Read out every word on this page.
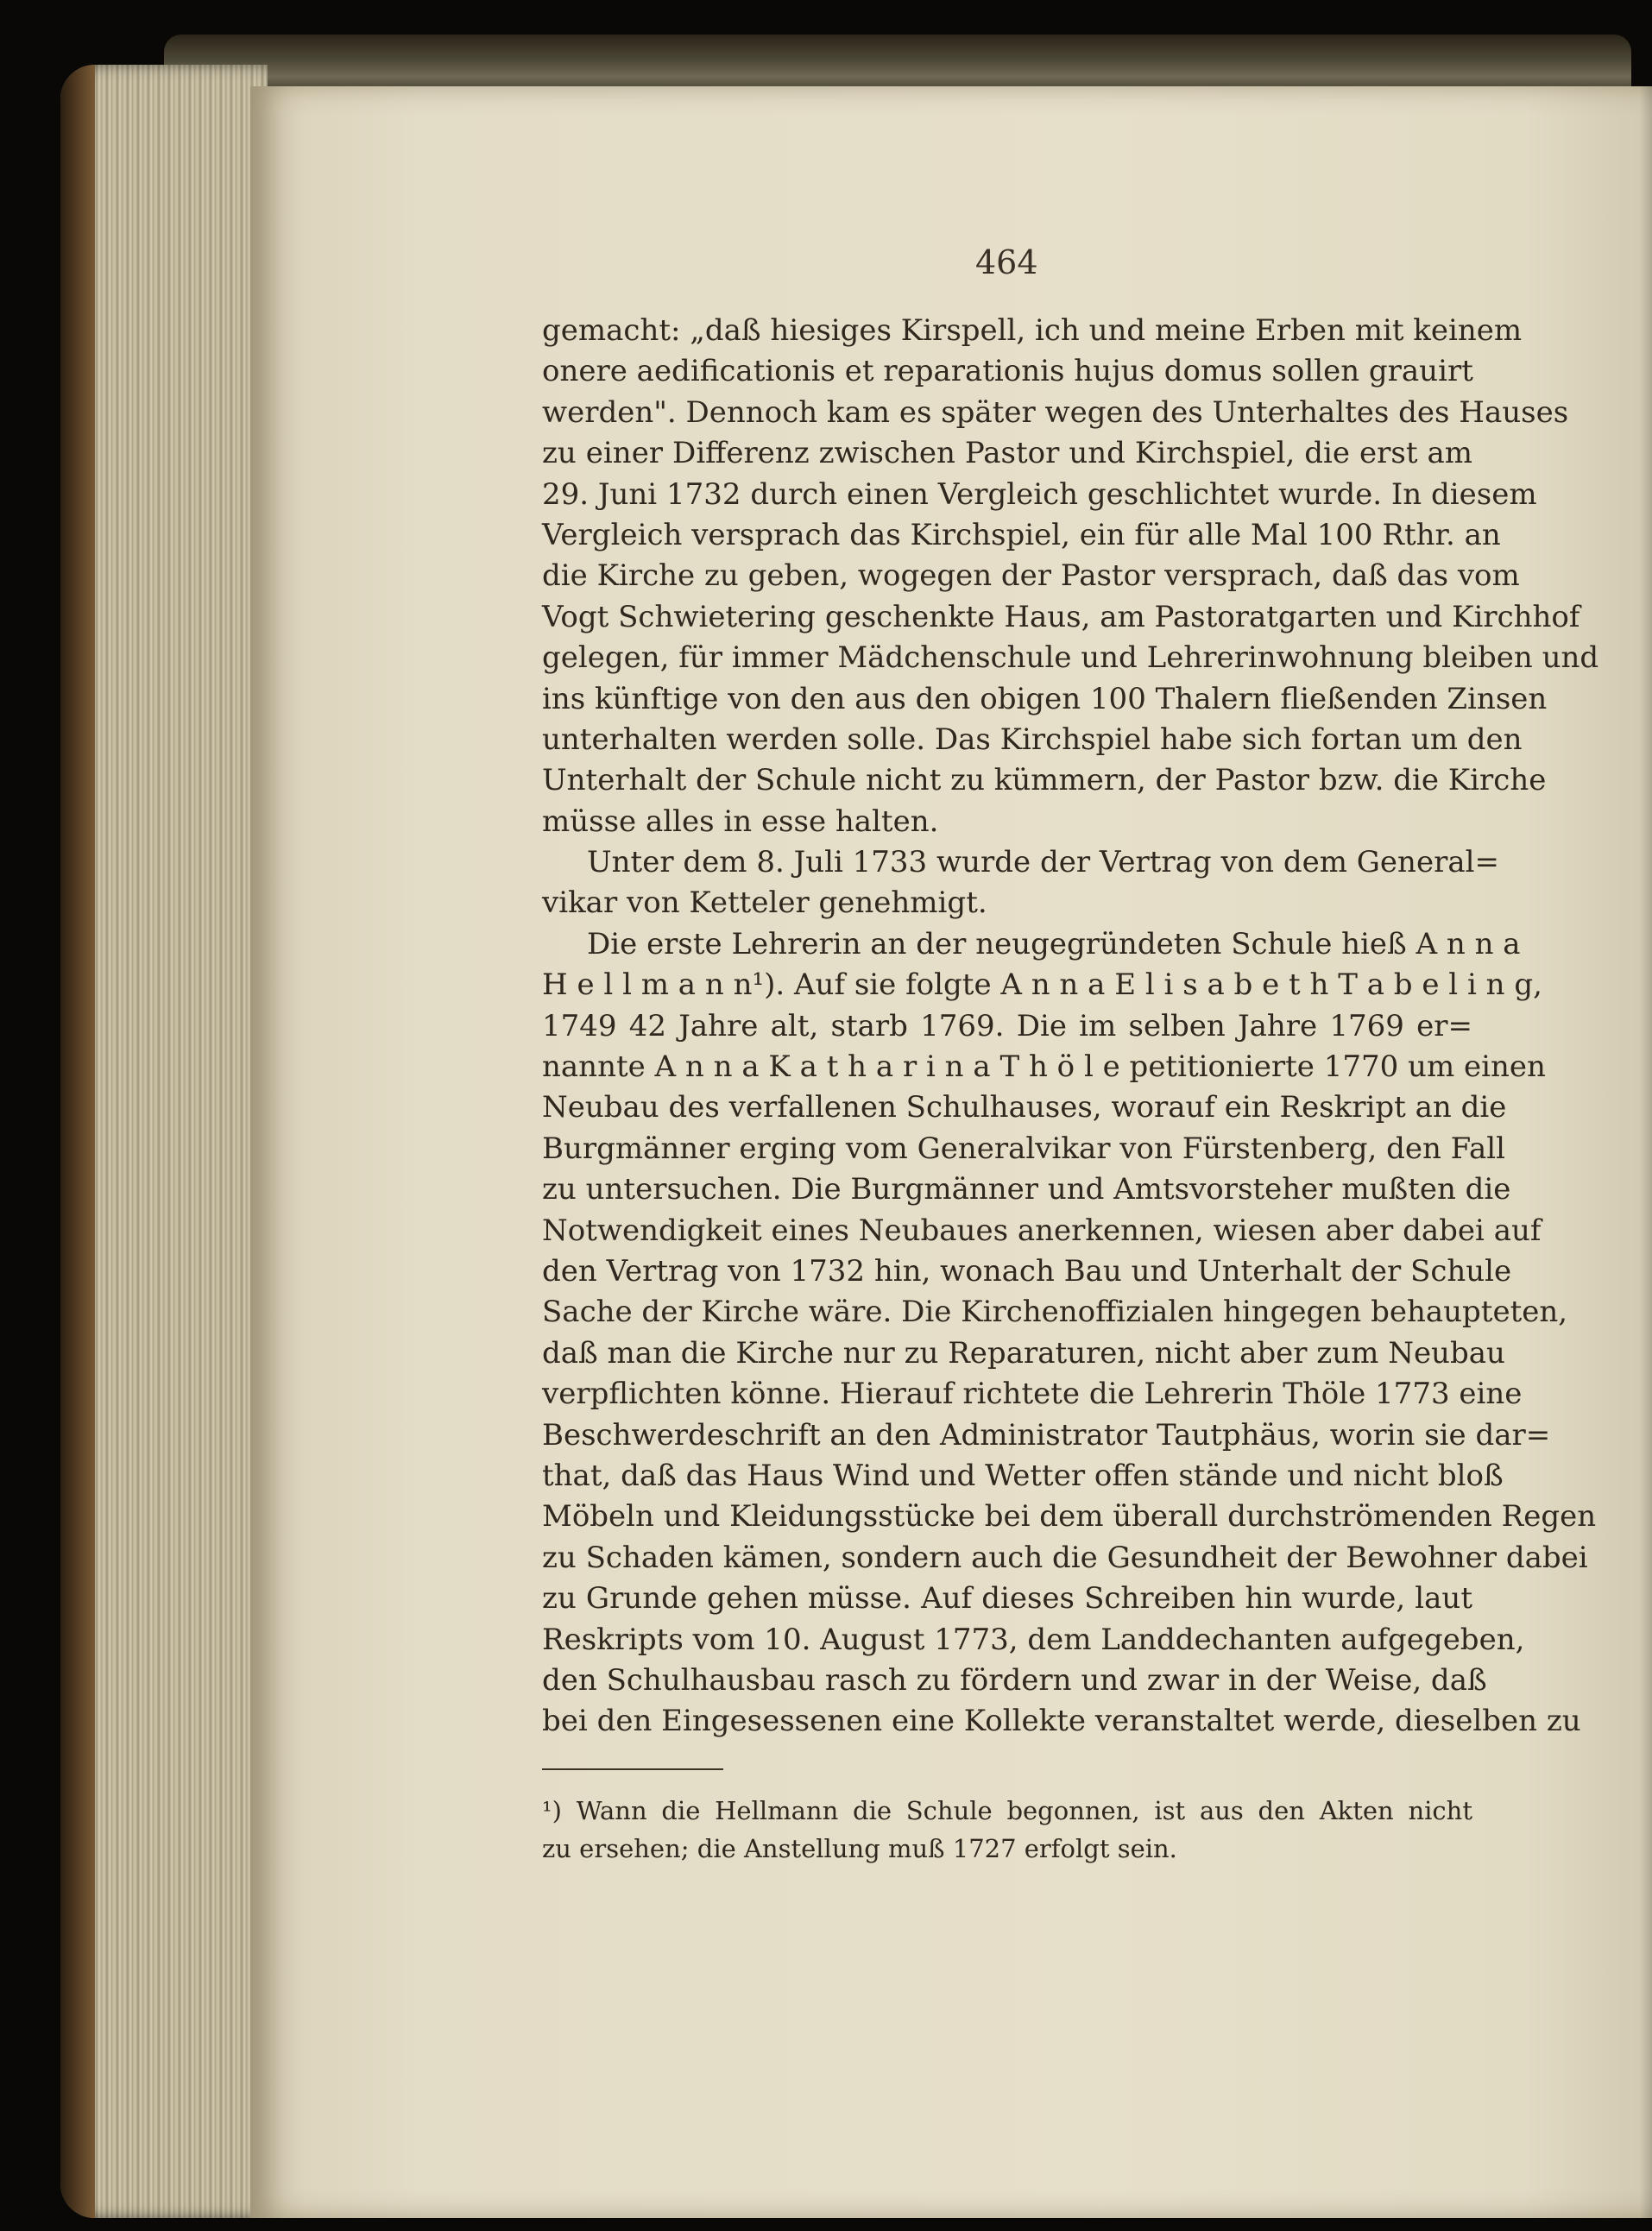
464
gemacht: „daß hiesiges Kirspell, ich und meine Erben mit keinem
onere aedificationis et reparationis hujus domus sollen grauirt
werden". Dennoch kam es später wegen des Unterhaltes des Hauses
zu einer Differenz zwischen Pastor und Kirchspiel, die erst am
29. Juni 1732 durch einen Vergleich geschlichtet wurde. In diesem
Vergleich versprach das Kirchspiel, ein für alle Mal 100 Rthr. an
die Kirche zu geben, wogegen der Pastor versprach, daß das vom
Vogt Schwietering geschenkte Haus, am Pastoratgarten und Kirchhof
gelegen, für immer Mädchenschule und Lehrerinwohnung bleiben und
ins künftige von den aus den obigen 100 Thalern fließenden Zinsen
unterhalten werden solle. Das Kirchspiel habe sich fortan um den
Unterhalt der Schule nicht zu kümmern, der Pastor bzw. die Kirche
müsse alles in esse halten.
Unter dem 8. Juli 1733 wurde der Vertrag von dem General=
vikar von Ketteler genehmigt.
Die erste Lehrerin an der neugegründeten Schule hieß A n n a
H e l l m a n n¹). Auf sie folgte A n n a E l i s a b e t h T a b e l i n g,
1749 42 Jahre alt, starb 1769. Die im selben Jahre 1769 er=
nannte A n n a K a t h a r i n a T h ö l e petitionierte 1770 um einen
Neubau des verfallenen Schulhauses, worauf ein Reskript an die
Burgmänner erging vom Generalvikar von Fürstenberg, den Fall
zu untersuchen. Die Burgmänner und Amtsvorsteher mußten die
Notwendigkeit eines Neubaues anerkennen, wiesen aber dabei auf
den Vertrag von 1732 hin, wonach Bau und Unterhalt der Schule
Sache der Kirche wäre. Die Kirchenoffizialen hingegen behaupteten,
daß man die Kirche nur zu Reparaturen, nicht aber zum Neubau
verpflichten könne. Hierauf richtete die Lehrerin Thöle 1773 eine
Beschwerdeschrift an den Administrator Tautphäus, worin sie dar=
that, daß das Haus Wind und Wetter offen stände und nicht bloß
Möbeln und Kleidungsstücke bei dem überall durchströmenden Regen
zu Schaden kämen, sondern auch die Gesundheit der Bewohner dabei
zu Grunde gehen müsse. Auf dieses Schreiben hin wurde, laut
Reskripts vom 10. August 1773, dem Landdechanten aufgegeben,
den Schulhausbau rasch zu fördern und zwar in der Weise, daß
bei den Eingesessenen eine Kollekte veranstaltet werde, dieselben zu
¹) Wann die Hellmann die Schule begonnen, ist aus den Akten nicht
zu ersehen; die Anstellung muß 1727 erfolgt sein.
